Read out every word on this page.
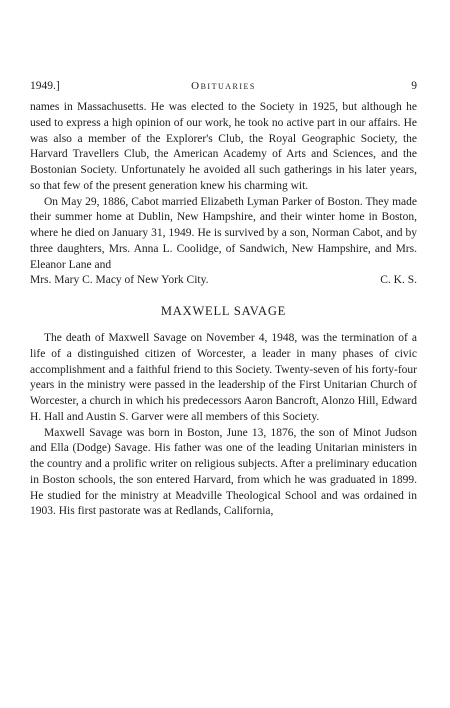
1949.]	Obituaries	9

names in Massachusetts. He was elected to the Society in 1925, but although he used to express a high opinion of our work, he took no active part in our affairs. He was also a member of the Explorer's Club, the Royal Geographic Society, the Harvard Travellers Club, the American Academy of Arts and Sciences, and the Bostonian Society. Unfortunately he avoided all such gatherings in his later years, so that few of the present generation knew his charming wit.

On May 29, 1886, Cabot married Elizabeth Lyman Parker of Boston. They made their summer home at Dublin, New Hampshire, and their winter home in Boston, where he died on January 31, 1949. He is survived by a son, Norman Cabot, and by three daughters, Mrs. Anna L. Coolidge, of Sandwich, New Hampshire, and Mrs. Eleanor Lane and

Mrs. Mary C. Macy of New York City.	C. K. S.
MAXWELL SAVAGE

The death of Maxwell Savage on November 4, 1948, was the termination of a life of a distinguished citizen of Worcester, a leader in many phases of civic accomplishment and a faithful friend to this Society. Twenty-seven of his forty-four years in the ministry were passed in the leadership of the First Unitarian Church of Worcester, a church in which his predecessors Aaron Bancroft, Alonzo Hill, Edward H. Hall and Austin S. Garver were all members of this Society.

Maxwell Savage was born in Boston, June 13, 1876, the son of Minot Judson and Ella (Dodge) Savage. His father was one of the leading Unitarian ministers in the country and a prolific writer on religious subjects. After a preliminary education in Boston schools, the son entered Harvard, from which he was graduated in 1899. He studied for the ministry at Meadville Theological School and was ordained in 1903. His first pastorate was at Redlands, California,
